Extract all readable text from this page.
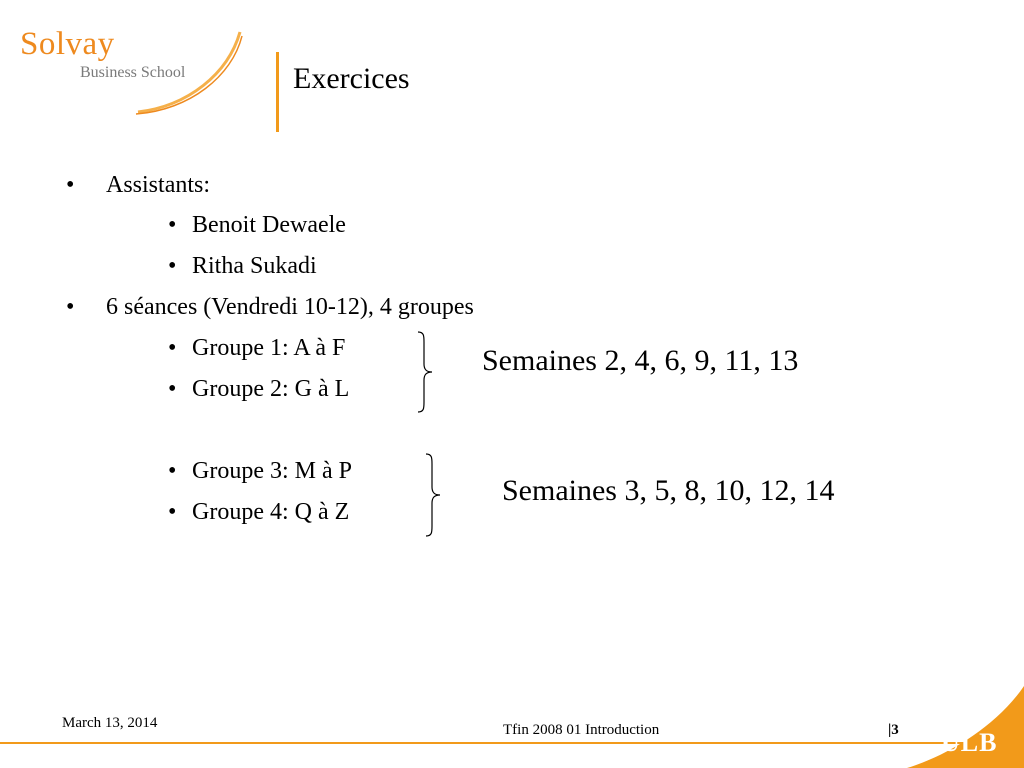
Solvay
Business School	Exercices
• Assistants:
• Benoit Dewaele
• Ritha Sukadi
• 6 séances (Vendredi 10-12), 4 groupes
• Groupe 1: A à F
• Groupe 2: G à L
• Groupe 3: M à P
• Groupe 4: Q à Z
Semaines 2, 4, 6, 9, 11, 13
Semaines 3, 5, 8, 10, 12, 14
March 13, 2014	Tfin 2008 01 Introduction	|3 ULB
